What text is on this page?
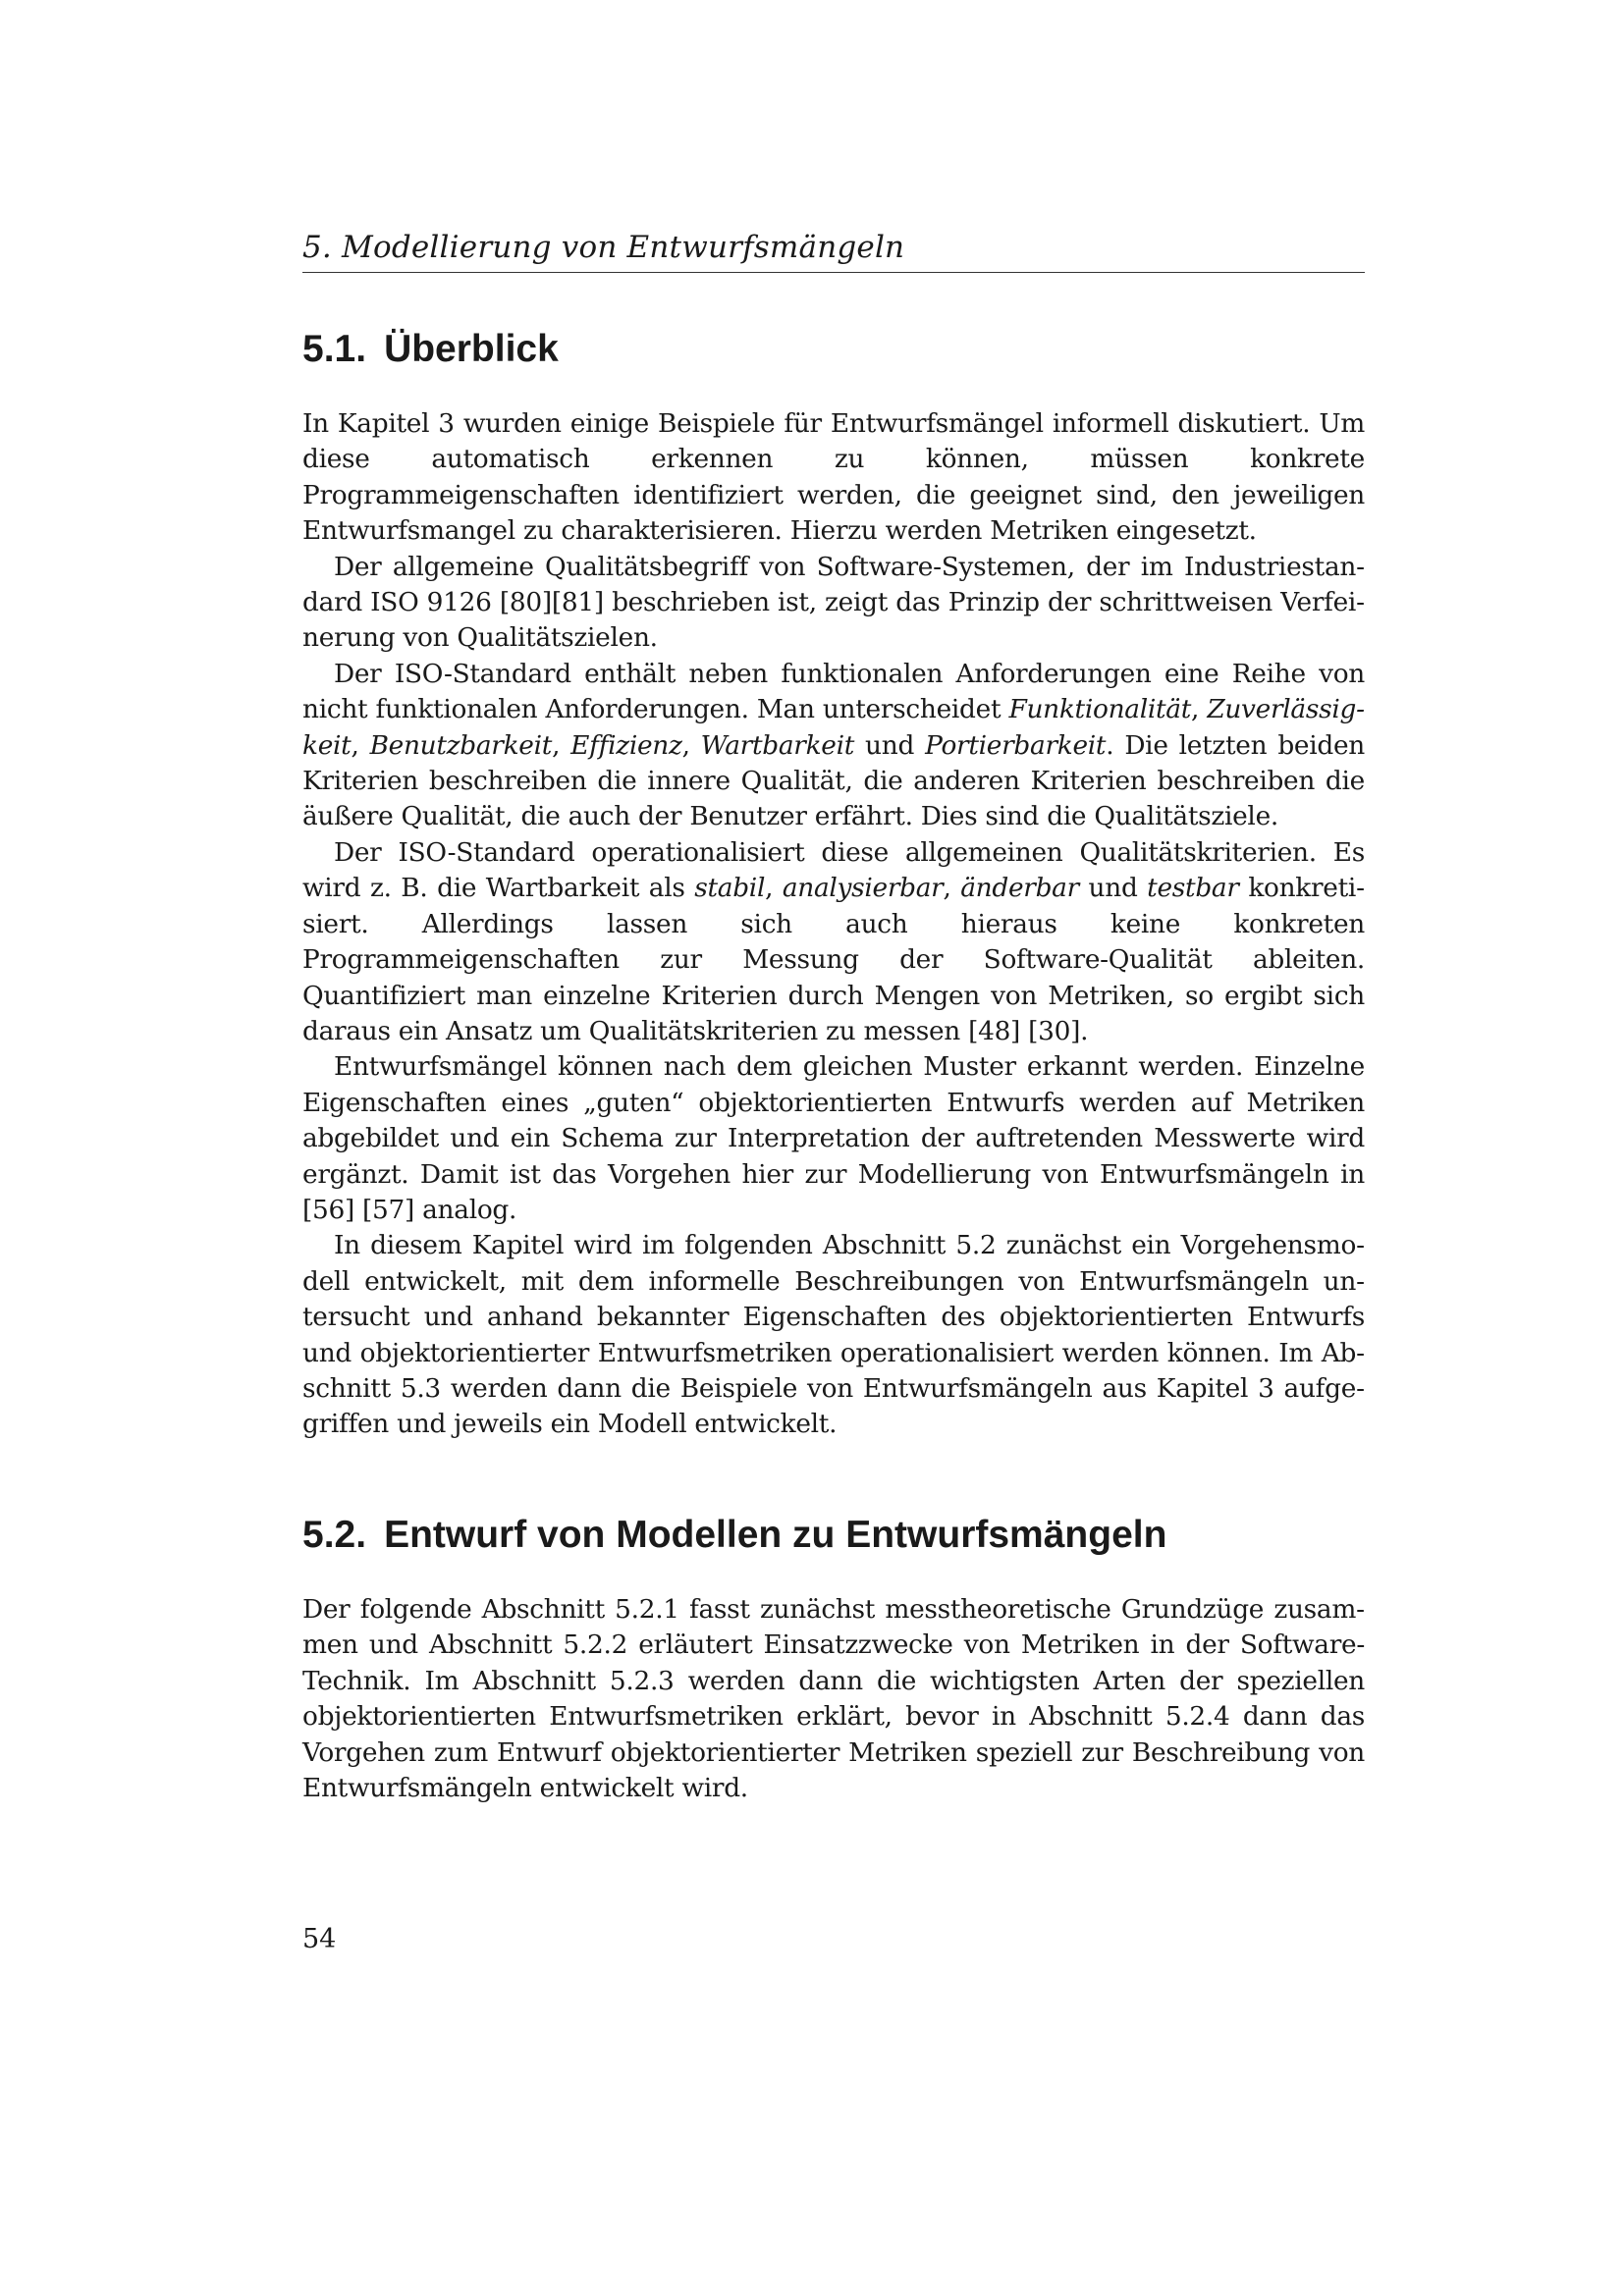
5. Modellierung von Entwurfsmängeln
5.1. Überblick

In Kapitel 3 wurden einige Beispiele für Entwurfsmängel informell diskutiert. Um diese automatisch erkennen zu können, müssen konkrete Programmeigenschaften identifiziert werden, die geeignet sind, den jeweiligen Entwurfsmangel zu charakterisieren. Hierzu werden Metriken eingesetzt.

Der allgemeine Qualitätsbegriff von Software-Systemen, der im Industriestandard ISO 9126 [80][81] beschrieben ist, zeigt das Prinzip der schrittweisen Verfeinerung von Qualitätszielen.

Der ISO-Standard enthält neben funktionalen Anforderungen eine Reihe von nicht funktionalen Anforderungen. Man unterscheidet Funktionalität, Zuverlässigkeit, Benutzbarkeit, Effizienz, Wartbarkeit und Portierbarkeit. Die letzten beiden Kriterien beschreiben die innere Qualität, die anderen Kriterien beschreiben die äußere Qualität, die auch der Benutzer erfährt. Dies sind die Qualitätsziele.

Der ISO-Standard operationalisiert diese allgemeinen Qualitätskriterien. Es wird z. B. die Wartbarkeit als stabil, analysierbar, änderbar und testbar konkretisiert. Allerdings lassen sich auch hieraus keine konkreten Programmeigenschaften zur Messung der Software-Qualität ableiten. Quantifiziert man einzelne Kriterien durch Mengen von Metriken, so ergibt sich daraus ein Ansatz um Qualitätskriterien zu messen [48] [30].

Entwurfsmängel können nach dem gleichen Muster erkannt werden. Einzelne Eigenschaften eines „guten“ objektorientierten Entwurfs werden auf Metriken abgebildet und ein Schema zur Interpretation der auftretenden Messwerte wird ergänzt. Damit ist das Vorgehen hier zur Modellierung von Entwurfsmängeln in [56] [57] analog.

In diesem Kapitel wird im folgenden Abschnitt 5.2 zunächst ein Vorgehensmodell entwickelt, mit dem informelle Beschreibungen von Entwurfsmängeln untersucht und anhand bekannter Eigenschaften des objektorientierten Entwurfs und objektorientierter Entwurfsmetriken operationalisiert werden können. Im Abschnitt 5.3 werden dann die Beispiele von Entwurfsmängeln aus Kapitel 3 aufgegriffen und jeweils ein Modell entwickelt.

5.2. Entwurf von Modellen zu Entwurfsmängeln

Der folgende Abschnitt 5.2.1 fasst zunächst messtheoretische Grundzüge zusammen und Abschnitt 5.2.2 erläutert Einsatzzwecke von Metriken in der Software-Technik. Im Abschnitt 5.2.3 werden dann die wichtigsten Arten der speziellen objektorientierten Entwurfsmetriken erklärt, bevor in Abschnitt 5.2.4 dann das Vorgehen zum Entwurf objektorientierter Metriken speziell zur Beschreibung von Entwurfsmängeln entwickelt wird.

54
